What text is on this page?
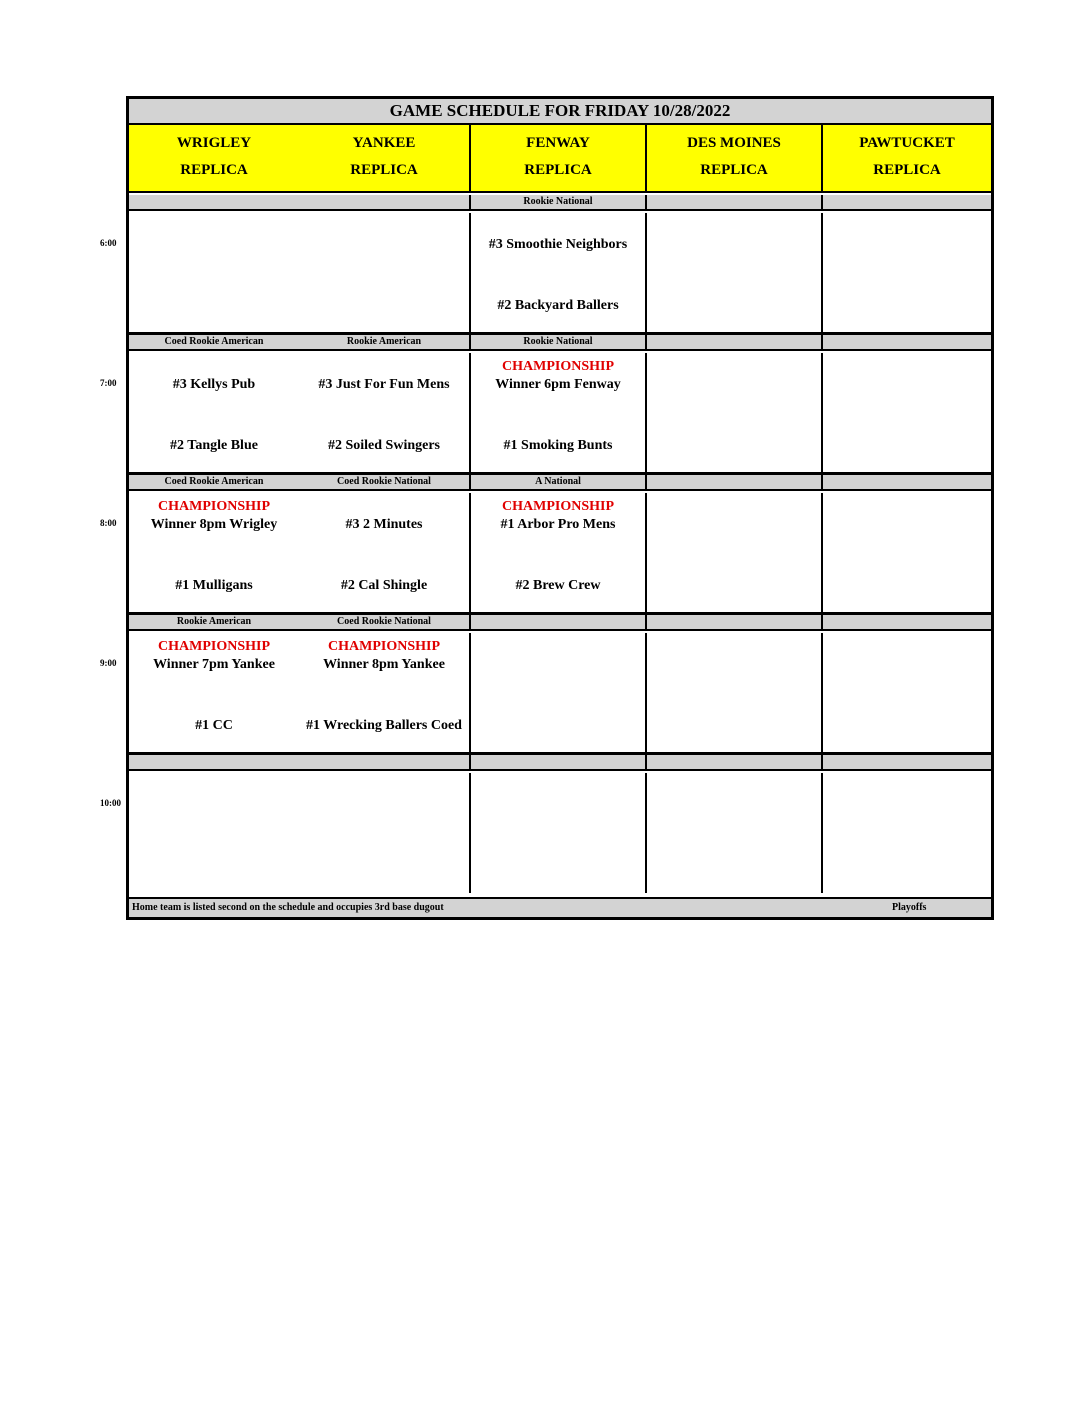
GAME SCHEDULE FOR FRIDAY 10/28/2022
Home team is listed second on the schedule and occupies 3rd base dugout	Playoffs
WRIGLEY
REPLICA
YANKEE
REPLICA
FENWAY
REPLICA
DES MOINES
REPLICA
PAWTUCKET
REPLICA
Rookie National
#3 Smoothie Neighbors
#2 Backyard Ballers
Coed Rookie American
#3 Kellys Pub
#2 Tangle Blue
Rookie American
#3 Just For Fun Mens
#2 Soiled Swingers
Rookie National
CHAMPIONSHIP
Winner 6pm Fenway
#1 Smoking Bunts
Coed Rookie American
CHAMPIONSHIP
Winner 8pm Wrigley
#1 Mulligans
Coed Rookie National
#3 2 Minutes
#2 Cal Shingle
A National
CHAMPIONSHIP
#1 Arbor Pro Mens
#2 Brew Crew
Rookie American
CHAMPIONSHIP
Winner 7pm Yankee
#1 CC
Coed Rookie National
CHAMPIONSHIP
Winner 8pm Yankee
#1 Wrecking Ballers Coed
6:00
7:00
8:00
9:00
10:00
